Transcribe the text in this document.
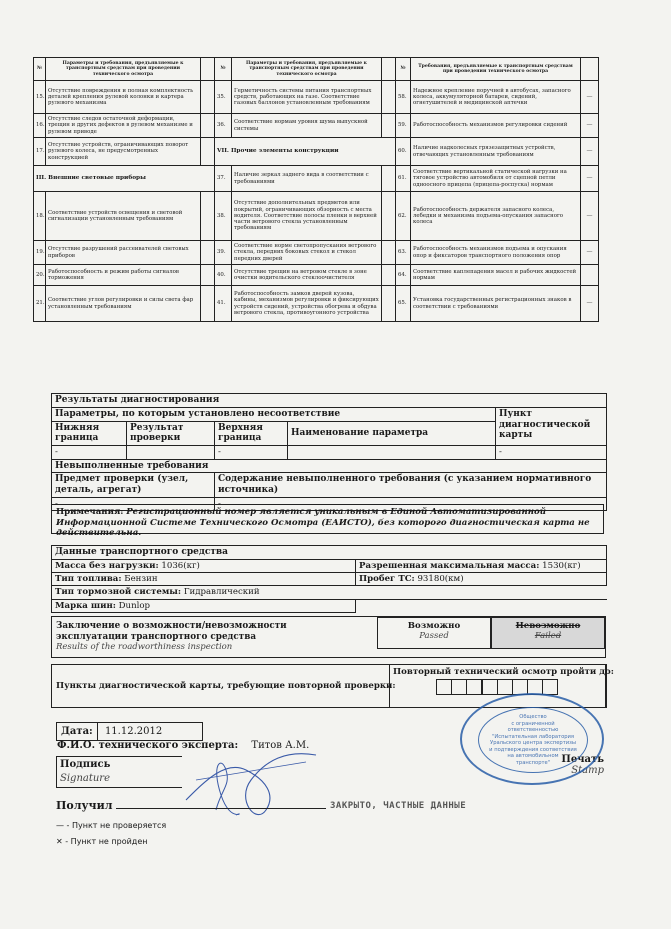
№	Параметры и требования, предъявляемые к транспортным средствам при проведении технического осмотра		№	Параметры и требования, предъявляемые к транспортным средствам при проведении технического осмотра		№	Требования, предъявляемые к транспортным средствам при проведении технического осмотра	
15.	Отсутствие повреждения и полная комплектность деталей крепления рулевой колонки и картера рулевого механизма		35.	Герметичность системы питания транспортных средств, работающих на газе. Соответствие газовых баллонов установленным требованиям		58.	Надежное крепление поручней в автобусах, запасного колеса, аккумуляторной батареи, сидений, огнетушителей и медицинской аптечки	—
16.	Отсутствие следов остаточной деформации, трещин и других дефектов в рулевом механизме и рулевом приводе		36.	Соответствие нормам уровня шума выпускной системы		59.	Работоспособность механизмов регулировки сидений	—
17.	Отсутствие устройств, ограничивающих поворот рулевого колеса, не предусмотренных конструкцией		VII. Прочие элементы конструкции			60.	Наличие надколесных грязезащитных устройств, отвечающих установленным требованиям	—
III. Внешние световые приборы			37.	Наличие зеркал заднего вида в соответствии с требованиями		61.	Соответствие вертикальной статической нагрузки на тяговое устройство автомобиля от сцепной петли одноосного прицепа (прицепа-роспуска) нормам	—
18.	Соответствие устройств освещения и световой сигнализации установленным требованиям		38.	Отсутствие дополнительных предметов или покрытий, ограничивающих обзорность с места водителя. Соответствие полосы пленки в верхней части ветрового стекла установленным требованиям		62.	Работоспособность держателя запасного колеса, лебедки и механизма подъема-опускания запасного колеса	—
19.	Отсутствие разрушений рассеивателей световых приборов		39.	Соответствие норме светопропускания ветрового стекла, передних боковых стекол и стекол передних дверей		63.	Работоспособность механизмов подъема и опускания опор и фиксаторов транспортного положения опор	—
20.	Работоспособность и режим работы сигналов торможения		40.	Отсутствие трещин на ветровом стекле в зоне очистки водительского стеклоочистителя		64.	Соответствие каплепадения масел и рабочих жидкостей нормам	
21.	Соответствие углов регулировки и силы света фар установленным требованиям		41.	Работоспособность замков дверей кузова, кабины, механизмов регулировки и фиксирующих устройств сидений, устройства обогрева и обдува ветрового стекла, противоугонного устройства		65.	Установка государственных регистрационных знаков в соответствии с требованиями	—
Результаты диагностирования				
Параметры, по которым установлено несоответствие				Пункт диагностической карты
Нижняя граница	Результат проверки	Верхняя граница	Наименование параметра	
-		-		-
Невыполненные требования				
Предмет проверки (узел, деталь, агрегат)		Содержание невыполненного требования (с указанием нормативного источника)		
-		-		
Примечания: Регистрационный номер является уникальным в Единой Автоматизированной Информационной Системе Технического Осмотра (ЕАИСТО), без которого диагностическая карта не действительна.
Данные транспортного средства	
Масса без нагрузки: 1036(кг)	Разрешенная максимальная масса: 1530(кг)
Тип топлива: Бензин	Пробег ТС: 93180(км)
Тип тормозной системы: Гидравлический	
Марка шин: Dunlop	
Заключение о возможности/невозможности эксплуатации транспортного средства
Results of the roadworthiness inspection
Возможно
Passed
Невозможно
Failed
Пункты диагностической карты, требующие повторной проверки:
Повторный технический осмотр пройти до:
Дата: 11.12.2012
Ф.И.О. технического эксперта: Титов А.М.
Подпись
Signature
Печать
Stamp
Общество
с ограниченной
ответственностью
"Испытательная лаборатория
Уральского центра экспертизы
и подтверждения соответствия
на автомобильном
транспорте"
Получил	ЗАКРЫТО, ЧАСТНЫЕ ДАННЫЕ
— - Пункт не проверяется
✕ - Пункт не пройден
